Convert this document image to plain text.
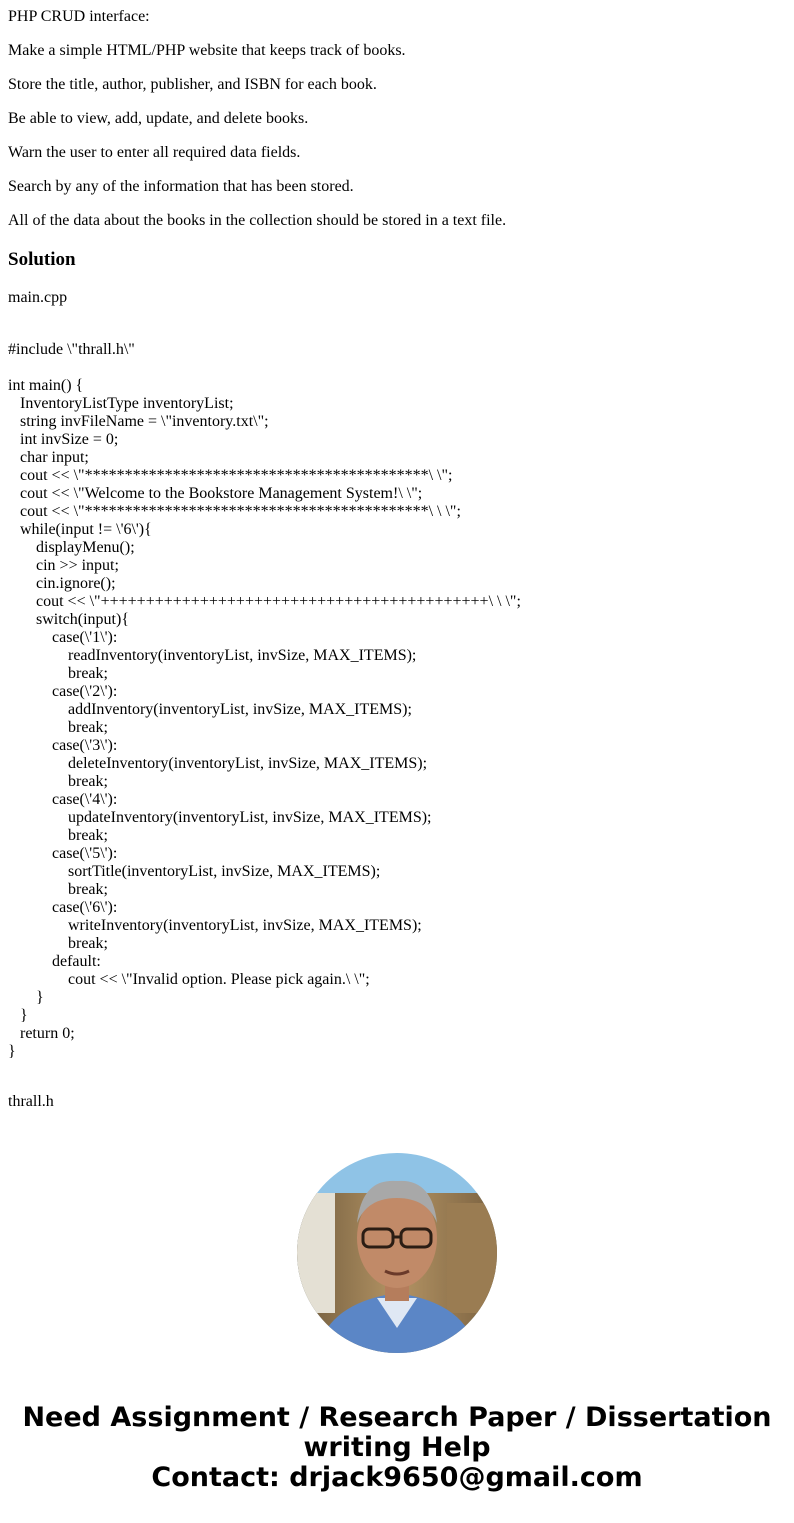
PHP CRUD interface:

Make a simple HTML/PHP website that keeps track of books.

Store the title, author, publisher, and ISBN for each book.

Be able to view, add, update, and delete books.

Warn the user to enter all required data fields.

Search by any of the information that has been stored.

All of the data about the books in the collection should be stored in a text file.

Solution

main.cpp

#include \"thrall.h\"
int main() {
InventoryListType inventoryList;
string invFileName = \"inventory.txt\";
int invSize = 0;
char input;
cout << \"*******************************************\ \";
cout << \"Welcome to the Bookstore Management System!\ \";
cout << \"*******************************************\ \ \";
while(input != \'6\'){
displayMenu();
cin >> input;
cin.ignore();
cout << \"+++++++++++++++++++++++++++++++++++++++++++\ \ \";
switch(input){
case(\'1\'):
readInventory(inventoryList, invSize, MAX_ITEMS);
break;
case(\'2\'):
addInventory(inventoryList, invSize, MAX_ITEMS);
break;
case(\'3\'):
deleteInventory(inventoryList, invSize, MAX_ITEMS);
break;
case(\'4\'):
updateInventory(inventoryList, invSize, MAX_ITEMS);
break;
case(\'5\'):
sortTitle(inventoryList, invSize, MAX_ITEMS);
break;
case(\'6\'):
writeInventory(inventoryList, invSize, MAX_ITEMS);
break;
default:
cout << \"Invalid option. Please pick again.\ \";
}
}
return 0;
}

thrall.h

Need Assignment / Research Paper / Dissertation
writing Help
Contact: drjack9650@gmail.com
